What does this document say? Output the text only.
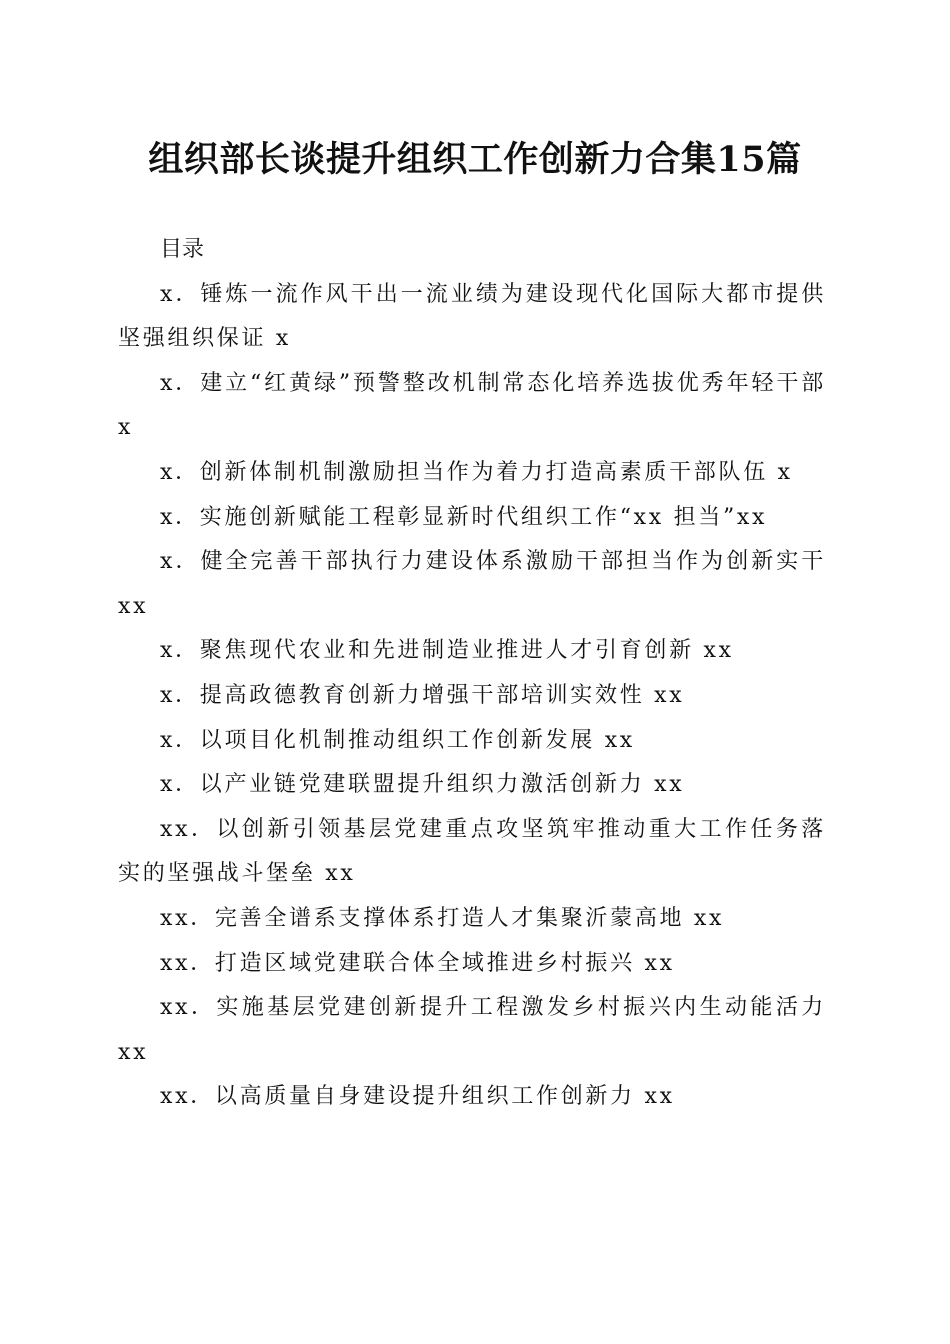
组织部长谈提升组织工作创新力合集15篇

目录

x．锤炼一流作风干出一流业绩为建设现代化国际大都市提供坚强组织保证 x

x．建立“红黄绿”预警整改机制常态化培养选拔优秀年轻干部 x

x．创新体制机制激励担当作为着力打造高素质干部队伍 x

x．实施创新赋能工程彰显新时代组织工作“xx 担当”xx

x．健全完善干部执行力建设体系激励干部担当作为创新实干 xx

x．聚焦现代农业和先进制造业推进人才引育创新 xx

x．提高政德教育创新力增强干部培训实效性 xx

x．以项目化机制推动组织工作创新发展 xx

x．以产业链党建联盟提升组织力激活创新力 xx

xx．以创新引领基层党建重点攻坚筑牢推动重大工作任务落实的坚强战斗堡垒 xx

xx．完善全谱系支撑体系打造人才集聚沂蒙高地 xx

xx．打造区域党建联合体全域推进乡村振兴 xx

xx．实施基层党建创新提升工程激发乡村振兴内生动能活力 xx

xx．以高质量自身建设提升组织工作创新力 xx
